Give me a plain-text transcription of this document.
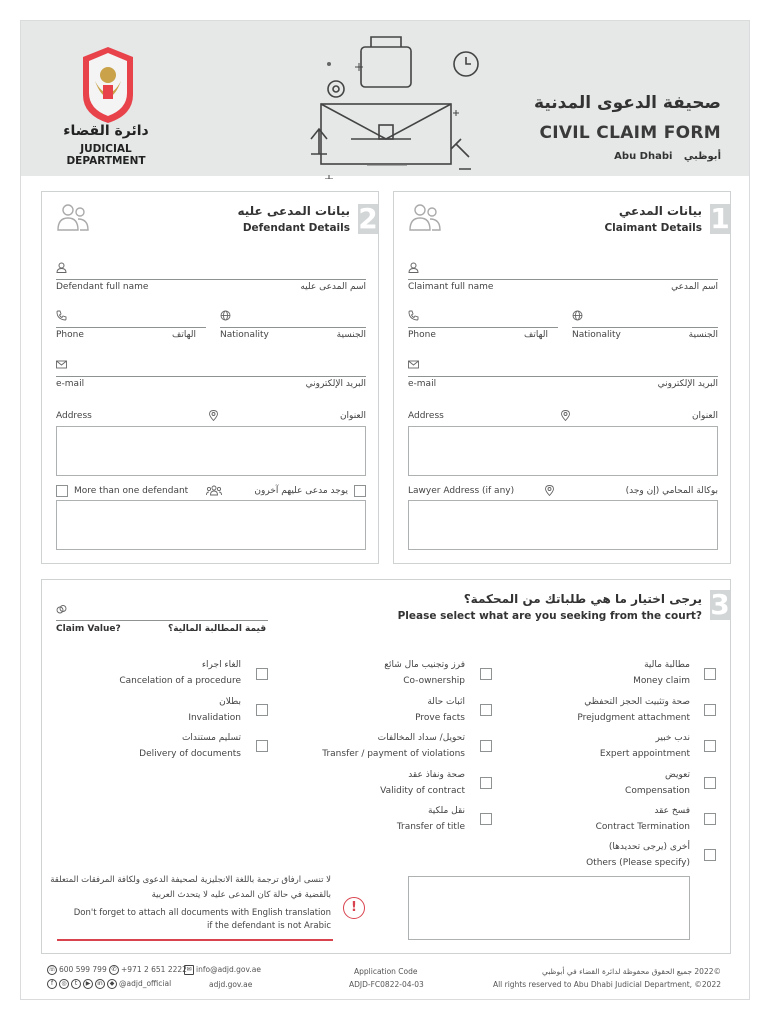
دائرة القضاء
JUDICIAL DEPARTMENT
صحيفة الدعوى المدنية
CIVIL CLAIM FORM
Abu Dhabi أبوظبي
2
بيانات المدعى عليه
Defendant Details
Defendant full name	اسم المدعى عليه
Phone	الهاتف	Nationality	الجنسية
e-mail	البريد الإلكتروني
Address	العنوان
More than one defendant	يوجد مدعى عليهم آخرون
1
بيانات المدعي
Claimant Details
Claimant full name	اسم المدعي
Phone	الهاتف	Nationality	الجنسية
e-mail	البريد الإلكتروني
Address	العنوان
Lawyer Address (if any)	بوكالة المحامي (إن وجد)
3
يرجى اختيار ما هي طلباتك من المحكمة؟
Please select what are you seeking from the court?
Claim Value?	قيمة المطالبة المالية؟
مطالبة مالية
Money claim
صحة وتثبيت الحجز التحفظي
Prejudgment attachment
ندب خبير
Expert appointment
تعويض
Compensation
فسخ عقد
Contract Termination
أخرى (يرجى تحديدها)
Others (Please specify)
فرز وتجنيب مال شائع
Co-ownership
اثبات حالة
Prove facts
تحويل/ سداد المخالفات
Transfer / payment of violations
صحة ونفاذ عقد
Validity of contract
نقل ملكية
Transfer of title
الغاء اجراء
Cancelation of a procedure
بطلان
Invalidation
تسليم مستندات
Delivery of documents
لا تنسى ارفاق ترجمة باللغة الانجليزية لصحيفة الدعوى ولكافة المرفقات المتعلقة بالقضية في حالة كان المدعى عليه لا يتحدث العربية
Don't forget to attach all documents with English translation
if the defendant is not Arabic
!
☏ 600 599 799 ✆ +971 2 651 2222 ✉ info@adjd.gov.ae
f ◎ t ▶ in ◆ @adjd_official	adjd.gov.ae
Application Code
ADJD-FC0822-04-03
©2022 جميع الحقوق محفوظة لدائرة القضاء في أبوظبي
All rights reserved to Abu Dhabi Judicial Department, ©2022
